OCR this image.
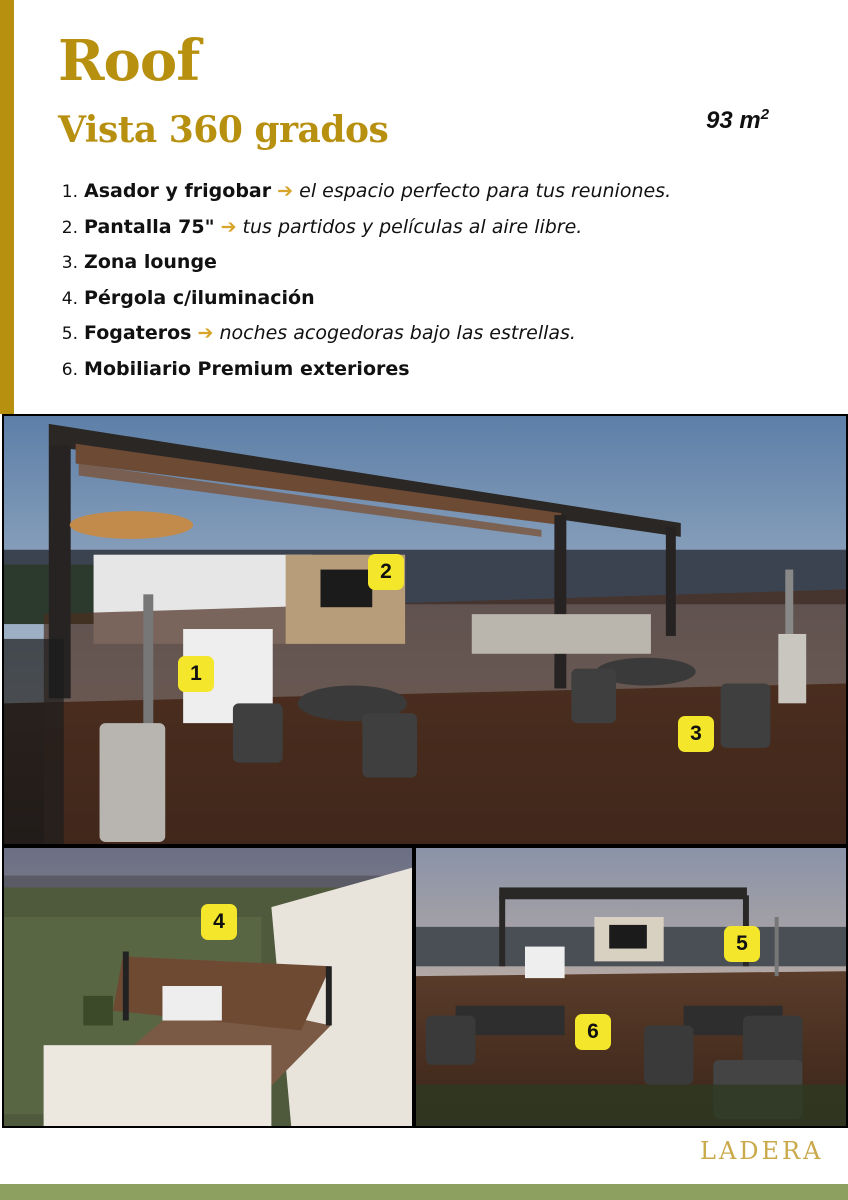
Roof
Vista 360 grados	93 $m^2$
1. Asador y frigobar ➔ el espacio perfecto para tus reuniones.
2. Pantalla 75" ➔ tus partidos y películas al aire libre.
3. Zona lounge
4. Pérgola c/iluminación
5. Fogateros ➔ noches acogedoras bajo las estrellas.
6. Mobiliario Premium exteriores
1
2
3
4
5
6
LADERA
